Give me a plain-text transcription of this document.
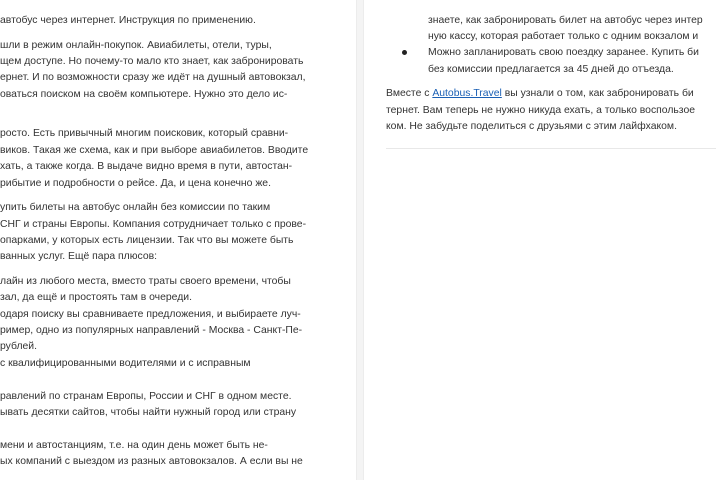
автобус через интернет. Инструкция по применению.
шли в режим онлайн-покупок. Авиабилеты, отели, туры,
щем доступе. Но почему-то мало кто знает, как забронировать
ернет. И по возможности сразу же идёт на душный автовокзал,
оваться поиском на своём компьютере. Нужно это дело ис-
росто. Есть привычный многим поисковик, который сравни-
виков. Такая же схема, как и при выборе авиабилетов. Вводите
хать, а также когда. В выдаче видно время в пути, автостан-
рибытие и подробности о рейсе. Да, и цена конечно же.
упить билеты на автобус онлайн без комиссии по таким
СНГ и страны Европы. Компания сотрудничает только с прове-
опарками, у которых есть лицензии. Так что вы можете быть
ванных услуг. Ещё пара плюсов:
лайн из любого места, вместо траты своего времени, чтобы
зал, да ещё и простоять там в очереди.
одаря поиску вы сравниваете предложения, и выбираете луч-
ример, одно из популярных направлений - Москва - Санкт-Пе-
рублей.
с квалифицированными водителями и с исправным
равлений по странам Европы, России и СНГ в одном месте.
ывать десятки сайтов, чтобы найти нужный город или страну
мени и автостанциям, т.е. на один день может быть не-
ых компаний с выездом из разных автовокзалов. А если вы не
знаете, как забронировать билет на автобус через интер
ную кассу, которая работает только с одним вокзалом и
Можно запланировать свою поездку заранее. Купить би
без комиссии предлагается за 45 дней до отъезда.
Вместе с Autobus.Travel вы узнали о том, как забронировать би
тернет. Вам теперь не нужно никуда ехать, а только воспользое
ком. Не забудьте поделиться с друзьями с этим лайфхаком.
